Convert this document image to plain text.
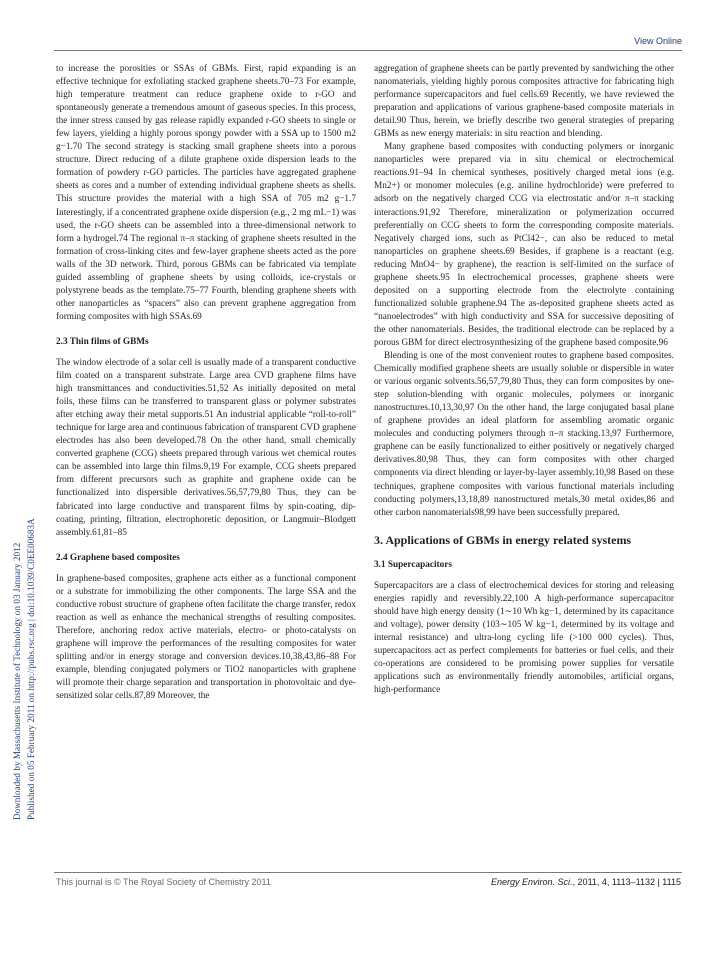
View Online
Downloaded by Massachusetts Institute of Technology on 03 January 2012 Published on 05 February 2011 on http://pubs.rsc.org | doi:10.1039/C0EE00683A

to increase the porosities or SSAs of GBMs. First, rapid expanding is an effective technique for exfoliating stacked graphene sheets.70–73 For example, high temperature treatment can reduce graphene oxide to r-GO and spontaneously generate a tremendous amount of gaseous species. In this process, the inner stress caused by gas release rapidly expanded r-GO sheets to single or few layers, yielding a highly porous spongy powder with a SSA up to 1500 m2 g−1.70 The second strategy is stacking small graphene sheets into a porous structure. Direct reducing of a dilute graphene oxide dispersion leads to the formation of powdery r-GO particles. The particles have aggregated graphene sheets as cores and a number of extending individual graphene sheets as shells. This structure provides the material with a high SSA of 705 m2 g−1.7 Interestingly, if a concentrated graphene oxide dispersion (e.g., 2 mg mL−1) was used, the r-GO sheets can be assembled into a three-dimensional network to form a hydrogel.74 The regional π–π stacking of graphene sheets resulted in the formation of cross-linking cites and few-layer graphene sheets acted as the pore walls of the 3D network. Third, porous GBMs can be fabricated via template guided assembling of graphene sheets by using colloids, ice-crystals or polystyrene beads as the template.75–77 Fourth, blending graphene sheets with other nanoparticles as “spacers” also can prevent graphene aggregation from forming composites with high SSAs.69

2.3 Thin films of GBMs

The window electrode of a solar cell is usually made of a transparent conductive film coated on a transparent substrate. Large area CVD graphene films have high transmittances and conductivities.51,52 As initially deposited on metal foils, these films can be transferred to transparent glass or polymer substrates after etching away their metal supports.51 An industrial applicable “roll-to-roll” technique for large area and continuous fabrication of transparent CVD graphene electrodes has also been developed.78 On the other hand, small chemically converted graphene (CCG) sheets prepared through various wet chemical routes can be assembled into large thin films.9,19 For example, CCG sheets prepared from different precursors such as graphite and graphene oxide can be functionalized into dispersible derivatives.56,57,79,80 Thus, they can be fabricated into large conductive and transparent films by spin-coating, dip-coating, printing, filtration, electrophoretic deposition, or Langmuir–Blodgett assembly.61,81–85

2.4 Graphene based composites

In graphene-based composites, graphene acts either as a functional component or a substrate for immobilizing the other components. The large SSA and the conductive robust structure of graphene often facilitate the charge transfer, redox reaction as well as enhance the mechanical strengths of resulting composites. Therefore, anchoring redox active materials, electro- or photo-catalysts on graphene will improve the performances of the resulting composites for water splitting and/or in energy storage and conversion devices.10,38,43,86–88 For example, blending conjugated polymers or TiO2 nanoparticles with graphene will promote their charge separation and transportation in photovoltaic and dye-sensitized solar cells.87,89 Moreover, the

aggregation of graphene sheets can be partly prevented by sandwiching the other nanomaterials, yielding highly porous composites attractive for fabricating high performance supercapacitors and fuel cells.69 Recently, we have reviewed the preparation and applications of various graphene-based composite materials in detail.90 Thus, herein, we briefly describe two general strategies of preparing GBMs as new energy materials: in situ reaction and blending.

Many graphene based composites with conducting polymers or inorganic nanoparticles were prepared via in situ chemical or electrochemical reactions.91–94 In chemical syntheses, positively charged metal ions (e.g. Mn2+) or monomer molecules (e.g. aniline hydrochloride) were preferred to adsorb on the negatively charged CCG via electrostatic and/or π–π stacking interactions.91,92 Therefore, mineralization or polymerization occurred preferentially on CCG sheets to form the corresponding composite materials. Negatively charged ions, such as PtCl42−, can also be reduced to metal nanoparticles on graphene sheets.69 Besides, if graphene is a reactant (e.g. reducing MnO4− by graphene), the reaction is self-limited on the surface of graphene sheets.95 In electrochemical processes, graphene sheets were deposited on a supporting electrode from the electrolyte containing functionalized soluble graphene.94 The as-deposited graphene sheets acted as “nanoelectrodes” with high conductivity and SSA for successive depositing of the other nanomaterials. Besides, the traditional electrode can be replaced by a porous GBM for direct electrosynthesizing of the graphene based composite.96

Blending is one of the most convenient routes to graphene based composites. Chemically modified graphene sheets are usually soluble or dispersible in water or various organic solvents.56,57,79,80 Thus, they can form composites by one-step solution-blending with organic molecules, polymers or inorganic nanostructures.10,13,30,97 On the other hand, the large conjugated basal plane of graphene provides an ideal platform for assembling aromatic organic molecules and conducting polymers through π–π stacking.13,97 Furthermore, graphene can be easily functionalized to either positively or negatively charged derivatives.80,98 Thus, they can form composites with other charged components via direct blending or layer-by-layer assembly.10,98 Based on these techniques, graphene composites with various functional materials including conducting polymers,13,18,89 nanostructured metals,30 metal oxides,86 and other carbon nanomaterials98,99 have been successfully prepared.

3. Applications of GBMs in energy related systems
3.1 Supercapacitors

Supercapacitors are a class of electrochemical devices for storing and releasing energies rapidly and reversibly.22,100 A high-performance supercapacitor should have high energy density (1∼10 Wh kg−1, determined by its capacitance and voltage), power density (103∼105 W kg−1, determined by its voltage and internal resistance) and ultra-long cycling life (>100 000 cycles). Thus, supercapacitors act as perfect complements for batteries or fuel cells, and their co-operations are considered to be promising power supplies for versatile applications such as environmentally friendly automobiles, artificial organs, high-performance

This journal is © The Royal Society of Chemistry 2011	Energy Environ. Sci., 2011, 4, 1113–1132 | 1115
